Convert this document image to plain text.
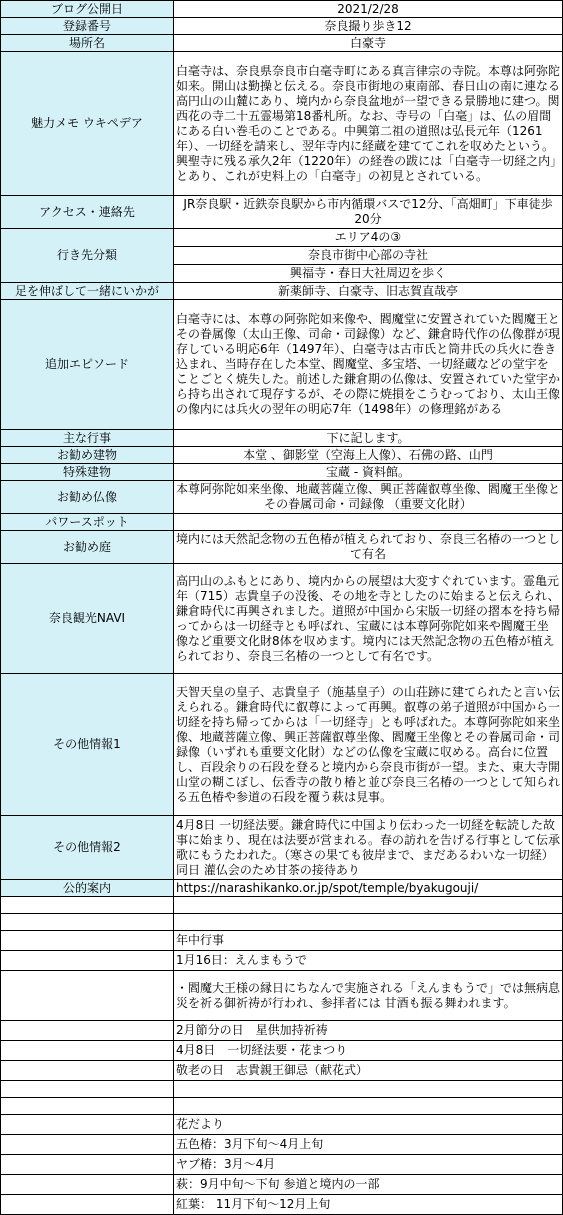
ブログ公開日	2021/2/28
登録番号	奈良撮り歩き12
場所名	白豪寺
魅力メモ ウキペデア	白毫寺は、奈良県奈良市白毫寺町にある真言律宗の寺院。本尊は阿弥陀如来。開山は勤操と伝える。奈良市街地の東南部、春日山の南に連なる高円山の山麓にあり、境内から奈良盆地が一望できる景勝地に建つ。関西花の寺二十五霊場第18番札所。なお、寺号の「白毫」は、仏の眉間にある白い巻毛のことである。中興第二祖の道照は弘長元年（1261年）、一切経を請来し、翌年寺内に経蔵を建ててこれを収めたという。興聖寺に残る承久2年（1220年）の経巻の跋には「白毫寺一切経之内」とあり、これが史料上の「白毫寺」の初見とされている。
アクセス・連絡先	JR奈良駅・近鉄奈良駅から市内循環バスで12分、「高畑町」下車徒歩20分
行き先分類	エリア4の③
	奈良市街中心部の寺社
	興福寺・春日大社周辺を歩く
足を伸ばして一緒にいかが	新薬師寺、白豪寺、旧志賀直哉亭
追加エピソード	白毫寺には、本尊の阿弥陀如来像や、閻魔堂に安置されていた閻魔王とその眷属像（太山王像、司命・司録像）など、鎌倉時代作の仏像群が現存している明応6年（1497年）、白毫寺は古市氏と筒井氏の兵火に巻き込まれ、当時存在した本堂、閻魔堂、多宝塔、一切経蔵などの堂宇をことごとく焼失した。前述した鎌倉期の仏像は、安置されていた堂宇から持ち出されて現存するが、その際に焼損をこうむっており、太山王像の像内には兵火の翌年の明応7年（1498年）の修理銘がある
主な行事	下に記します。
お勧め建物	本堂 、御影堂（空海上人像）、石佛の路、山門
特殊建物	宝蔵 - 資料館。
お勧め仏像	本尊阿弥陀如来坐像、地蔵菩薩立像、興正菩薩叡尊坐像、閻魔王坐像とその眷属司命・司録像 （重要文化財）
パワースポット	
お勧め庭	境内には天然記念物の五色椿が植えられており、奈良三名椿の一つとして有名
奈良観光NAVI	高円山のふもとにあり、境内からの展望は大変すぐれています。霊亀元年（715）志貴皇子の没後、その地を寺としたのに始まると伝えられ、鎌倉時代に再興されました。道照が中国から宋版一切経の摺本を持ち帰ってからは一切経寺とも呼ばれ、宝蔵には本尊阿弥陀如来や閻魔王坐像など重要文化財8体を収めます。境内には天然記念物の五色椿が植えられており、奈良三名椿の一つとして有名です。
その他情報1	天智天皇の皇子、志貴皇子（施基皇子）の山荘跡に建てられたと言い伝えられる。鎌倉時代に叡尊によって再興。叡尊の弟子道照が中国から一切経を持ち帰ってからは「一切経寺」とも呼ばれた。本尊阿弥陀如来坐像、地蔵菩薩立像、興正菩薩叡尊坐像、閻魔王坐像とその眷属司命・司録像（いずれも重要文化財）などの仏像を宝蔵に収める。高台に位置し、百段余りの石段を登ると境内から奈良市街が一望。また、東大寺開山堂の糊こぼし、伝香寺の散り椿と並び奈良三名椿の一つとして知られる五色椿や参道の石段を覆う萩は見事。
その他情報2	4月8日 一切経法要。鎌倉時代に中国より伝わった一切経を転読した故事に始まり、現在は法要が営まれる。春の訪れを告げる行事として伝承歌にもうたわれた。（寒さの果ても彼岸まで、まだあるわいな一切経）同日 灌仏会のため甘茶の接待あり
公的案内	https://narashikanko.or.jp/spot/temple/byakugouji/

	年中行事
	1月16日：えんまもうで
	・閻魔大王様の縁日にちなんで実施される「えんまもうで」では無病息災を祈る御祈祷が行われ、参拝者には 甘酒も振る舞われます。
	2月節分の日　星供加持祈祷
	4月8日　一切経法要・花まつり
	敬老の日　志貴親王御忌（献花式）

	花だより
	五色椿：3月下旬～4月上旬
	ヤブ椿：3月～4月
	萩：9月中旬～下旬 参道と境内の一部
	紅葉： 11月下旬～12月上旬
